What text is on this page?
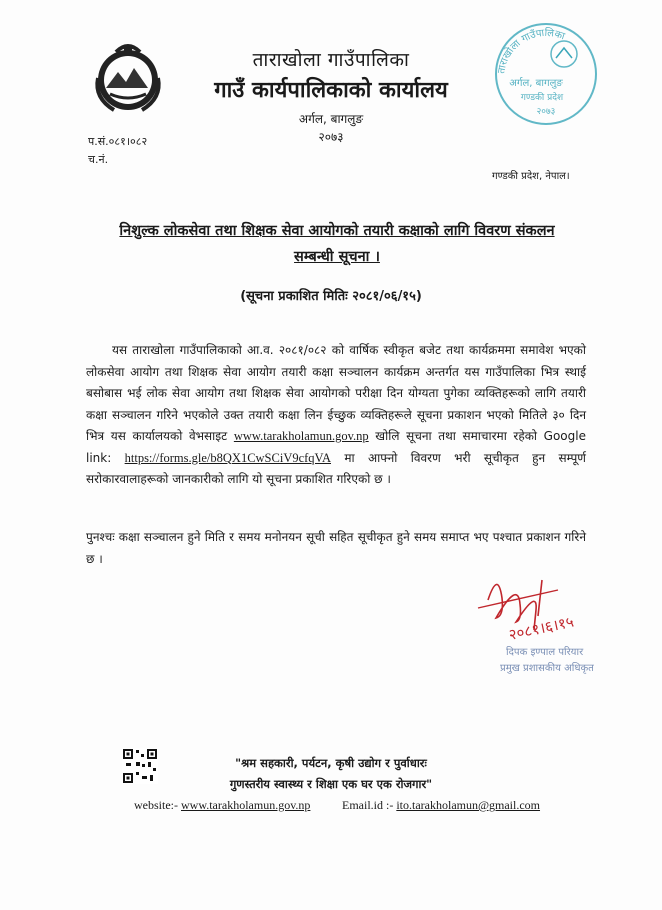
ताराखोला गाउँपालिका
गाउँ कार्यपालिकाको कार्यालय
अर्गल, बागलुङ
२०७३
प.सं.०८१।०८२
च.नं.
ताराखोला गाउँपालिका
अर्गल, बागलुङ
गण्डकी प्रदेश
२०७३
गण्डकी प्रदेश, नेपाल।
निशुल्क लोकसेवा तथा शिक्षक सेवा आयोगको तयारी कक्षाको लागि विवरण संकलन
सम्बन्धी सूचना ।
(सूचना प्रकाशित मितिः २०८१/०६/१५)
यस ताराखोला गाउँपालिकाको आ.व. २०८१/०८२ को वार्षिक स्वीकृत बजेट तथा कार्यक्रममा समावेश भएको लोकसेवा आयोग तथा शिक्षक सेवा आयोग तयारी कक्षा सञ्चालन कार्यक्रम अन्तर्गत यस गाउँपालिका भित्र स्थाई बसोबास भई लोक सेवा आयोग तथा शिक्षक सेवा आयोगको परीक्षा दिन योग्यता पुगेका व्यक्तिहरूको लागि तयारी कक्षा सञ्चालन गरिने भएकोले उक्त तयारी कक्षा लिन ईच्छुक व्यक्तिहरूले सूचना प्रकाशन भएको मितिले ३० दिन भित्र यस कार्यालयको वेभसाइट www.tarakholamun.gov.np खोलि सूचना तथा समाचारमा रहेको Google link: https://forms.gle/b8QX1CwSCiV9cfqVA मा आफ्नो विवरण भरी सूचीकृत हुन सम्पूर्ण सरोकारवालाहरूको जानकारीको लागि यो सूचना प्रकाशित गरिएको छ ।
पुनश्चः कक्षा सञ्चालन हुने मिति र समय मनोनयन सूची सहित सूचीकृत हुने समय समाप्त भए पश्चात प्रकाशन गरिने छ ।
२०८१।६।१५
दिपक इण्पाल परियार
प्रमुख प्रशासकीय अधिकृत
"श्रम सहकारी, पर्यटन, कृषी उद्योग र पुर्वाधारः
गुणस्तरीय स्वास्थ्य र शिक्षा एक घर एक रोजगार"
website:- www.tarakholamun.gov.np	Email.id :- ito.tarakholamun@gmail.com
